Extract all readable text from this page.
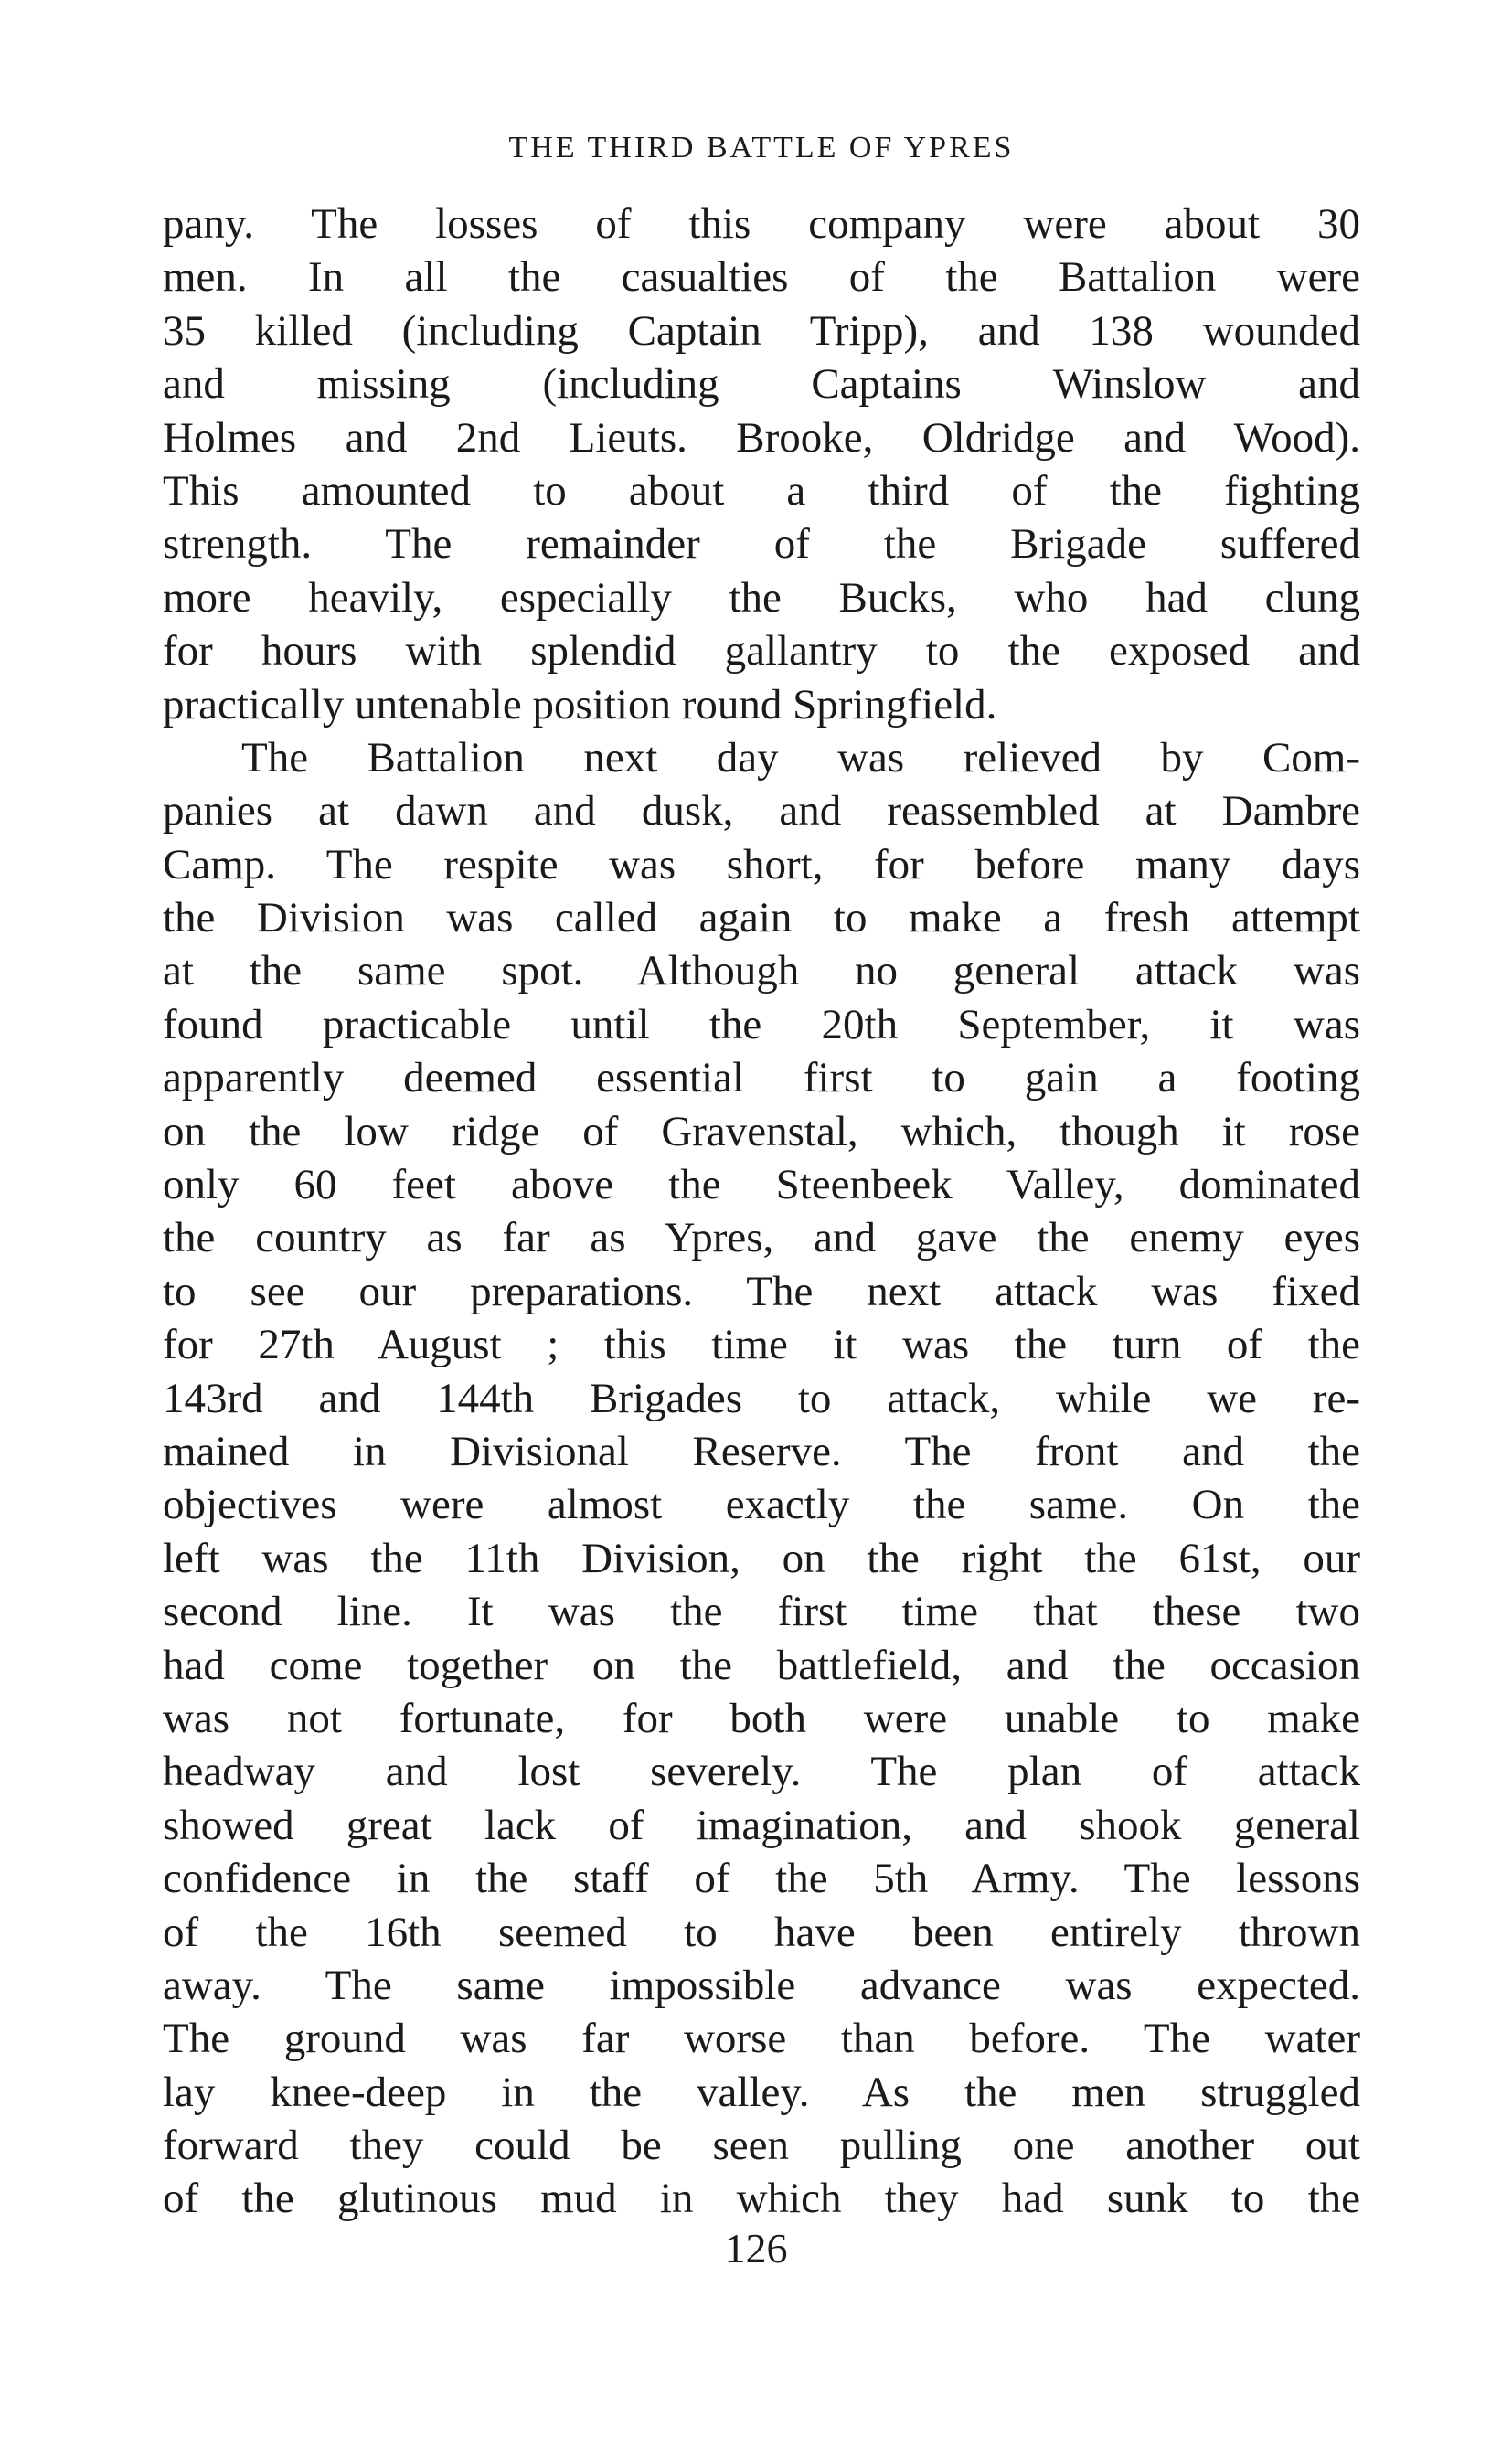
THE THIRD BATTLE OF YPRES
pany. The losses of this company were about 30
men. In all the casualties of the Battalion were
35 killed (including Captain Tripp), and 138 wounded
and missing (including Captains Winslow and
Holmes and 2nd Lieuts. Brooke, Oldridge and Wood).
This amounted to about a third of the fighting
strength. The remainder of the Brigade suffered
more heavily, especially the Bucks, who had clung
for hours with splendid gallantry to the exposed and
practically untenable position round Springfield.
The Battalion next day was relieved by Com-
panies at dawn and dusk, and reassembled at Dambre
Camp. The respite was short, for before many days
the Division was called again to make a fresh attempt
at the same spot. Although no general attack was
found practicable until the 20th September, it was
apparently deemed essential first to gain a footing
on the low ridge of Gravenstal, which, though it rose
only 60 feet above the Steenbeek Valley, dominated
the country as far as Ypres, and gave the enemy eyes
to see our preparations. The next attack was fixed
for 27th August ; this time it was the turn of the
143rd and 144th Brigades to attack, while we re-
mained in Divisional Reserve. The front and the
objectives were almost exactly the same. On the
left was the 11th Division, on the right the 61st, our
second line. It was the first time that these two
had come together on the battlefield, and the occasion
was not fortunate, for both were unable to make
headway and lost severely. The plan of attack
showed great lack of imagination, and shook general
confidence in the staff of the 5th Army. The lessons
of the 16th seemed to have been entirely thrown
away. The same impossible advance was expected.
The ground was far worse than before. The water
lay knee-deep in the valley. As the men struggled
forward they could be seen pulling one another out
of the glutinous mud in which they had sunk to the
126
